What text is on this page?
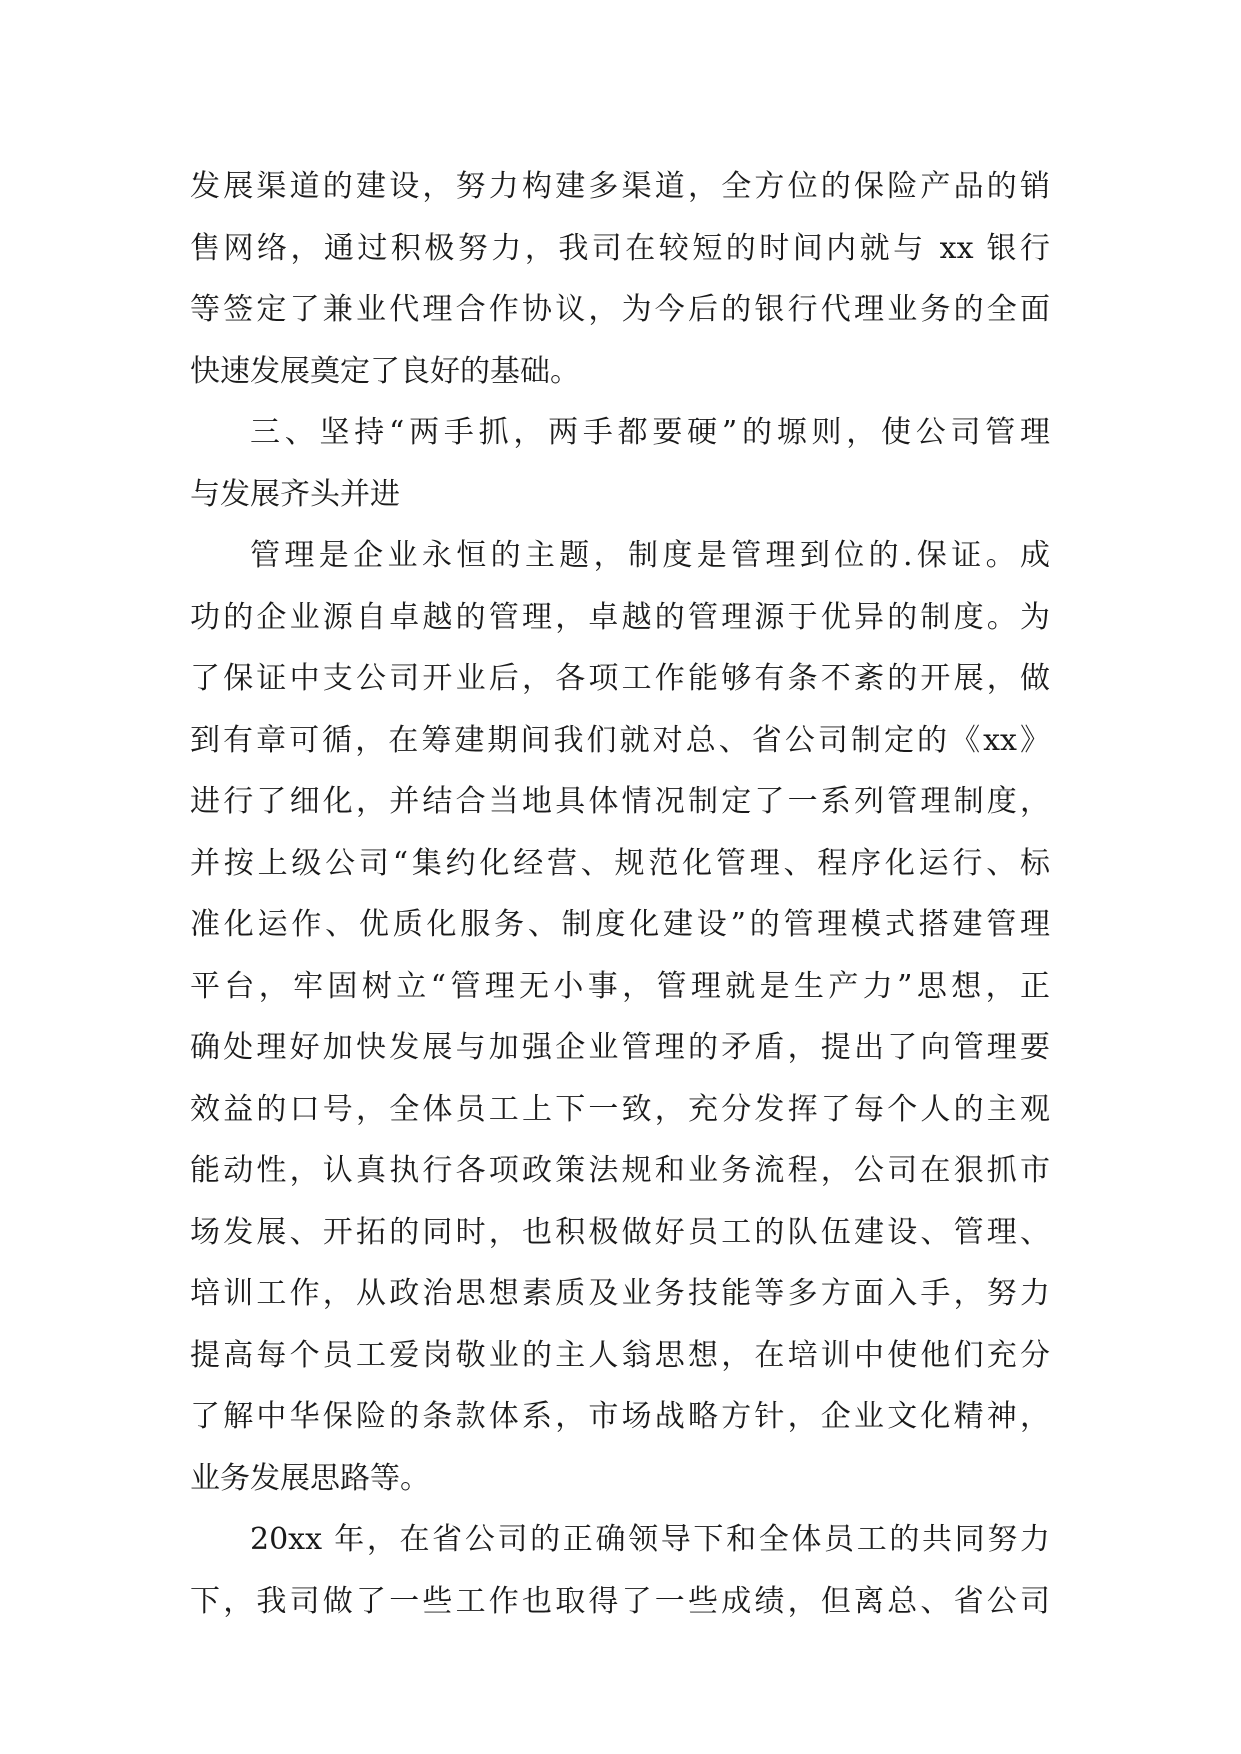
发展渠道的建设，努力构建多渠道，全方位的保险产品的销
售网络，通过积极努力，我司在较短的时间内就与 xx 银行
等签定了兼业代理合作协议，为今后的银行代理业务的全面
快速发展奠定了良好的基础。
三、坚持“两手抓，两手都要硬”的塬则，使公司管理
与发展齐头并进
管理是企业永恒的主题，制度是管理到位的.保证。成
功的企业源自卓越的管理，卓越的管理源于优异的制度。为
了保证中支公司开业后，各项工作能够有条不紊的开展，做
到有章可循，在筹建期间我们就对总、省公司制定的《xx》
进行了细化，并结合当地具体情况制定了一系列管理制度，
并按上级公司“集约化经营、规范化管理、程序化运行、标
准化运作、优质化服务、制度化建设”的管理模式搭建管理
平台，牢固树立“管理无小事，管理就是生产力”思想，正
确处理好加快发展与加强企业管理的矛盾，提出了向管理要
效益的口号，全体员工上下一致，充分发挥了每个人的主观
能动性，认真执行各项政策法规和业务流程，公司在狠抓市
场发展、开拓的同时，也积极做好员工的队伍建设、管理、
培训工作，从政治思想素质及业务技能等多方面入手，努力
提高每个员工爱岗敬业的主人翁思想，在培训中使他们充分
了解中华保险的条款体系，市场战略方针，企业文化精神，
业务发展思路等。
20xx 年，在省公司的正确领导下和全体员工的共同努力
下，我司做了一些工作也取得了一些成绩，但离总、省公司
